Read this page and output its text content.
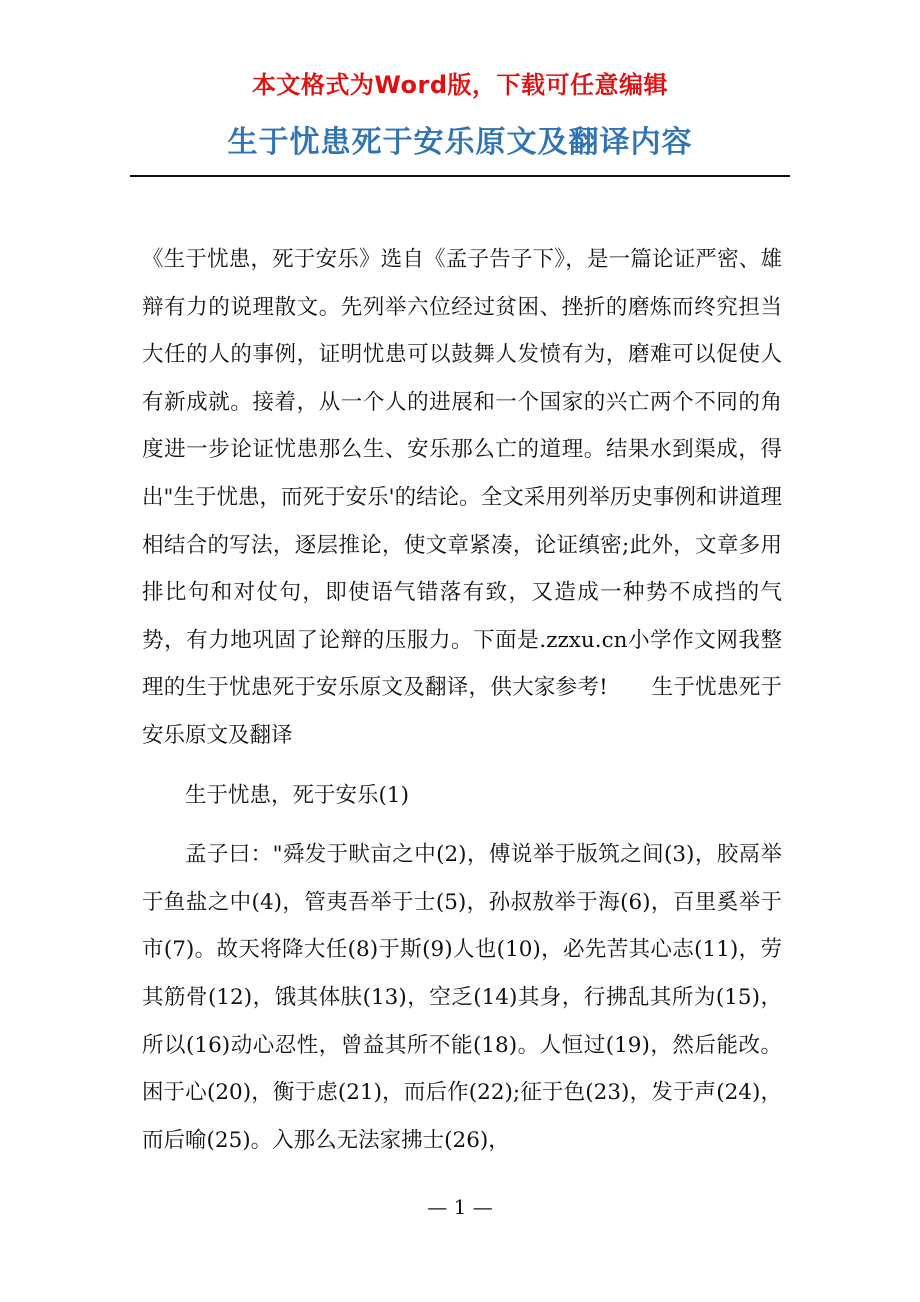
本文格式为Word版，下载可任意编辑
生于忧患死于安乐原文及翻译内容

《生于忧患，死于安乐》选自《孟子告子下》，是一篇论证严密、雄辩有力的说理散文。先列举六位经过贫困、挫折的磨炼而终究担当大任的人的事例，证明忧患可以鼓舞人发愤有为，磨难可以促使人有新成就。接着，从一个人的进展和一个国家的兴亡两个不同的角度进一步论证忧患那么生、安乐那么亡的道理。结果水到渠成，得出"生于忧患，而死于安乐'的结论。全文采用列举历史事例和讲道理相结合的写法，逐层推论，使文章紧凑，论证缜密;此外，文章多用排比句和对仗句，即使语气错落有致，又造成一种势不成挡的气势，有力地巩固了论辩的压服力。下面是.zzxu.cn小学作文网我整理的生于忧患死于安乐原文及翻译，供大家参考!　　生于忧患死于安乐原文及翻译

生于忧患，死于安乐(1)

孟子曰："舜发于畎亩之中(2)，傅说举于版筑之间(3)，胶鬲举于鱼盐之中(4)，管夷吾举于士(5)，孙叔敖举于海(6)，百里奚举于市(7)。故天将降大任(8)于斯(9)人也(10)，必先苦其心志(11)，劳其筋骨(12)，饿其体肤(13)，空乏(14)其身，行拂乱其所为(15)，所以(16)动心忍性，曾益其所不能(18)。人恒过(19)，然后能改。困于心(20)，衡于虑(21)，而后作(22);征于色(23)，发于声(24)，而后喻(25)。入那么无法家拂士(26)，

— 1 —
